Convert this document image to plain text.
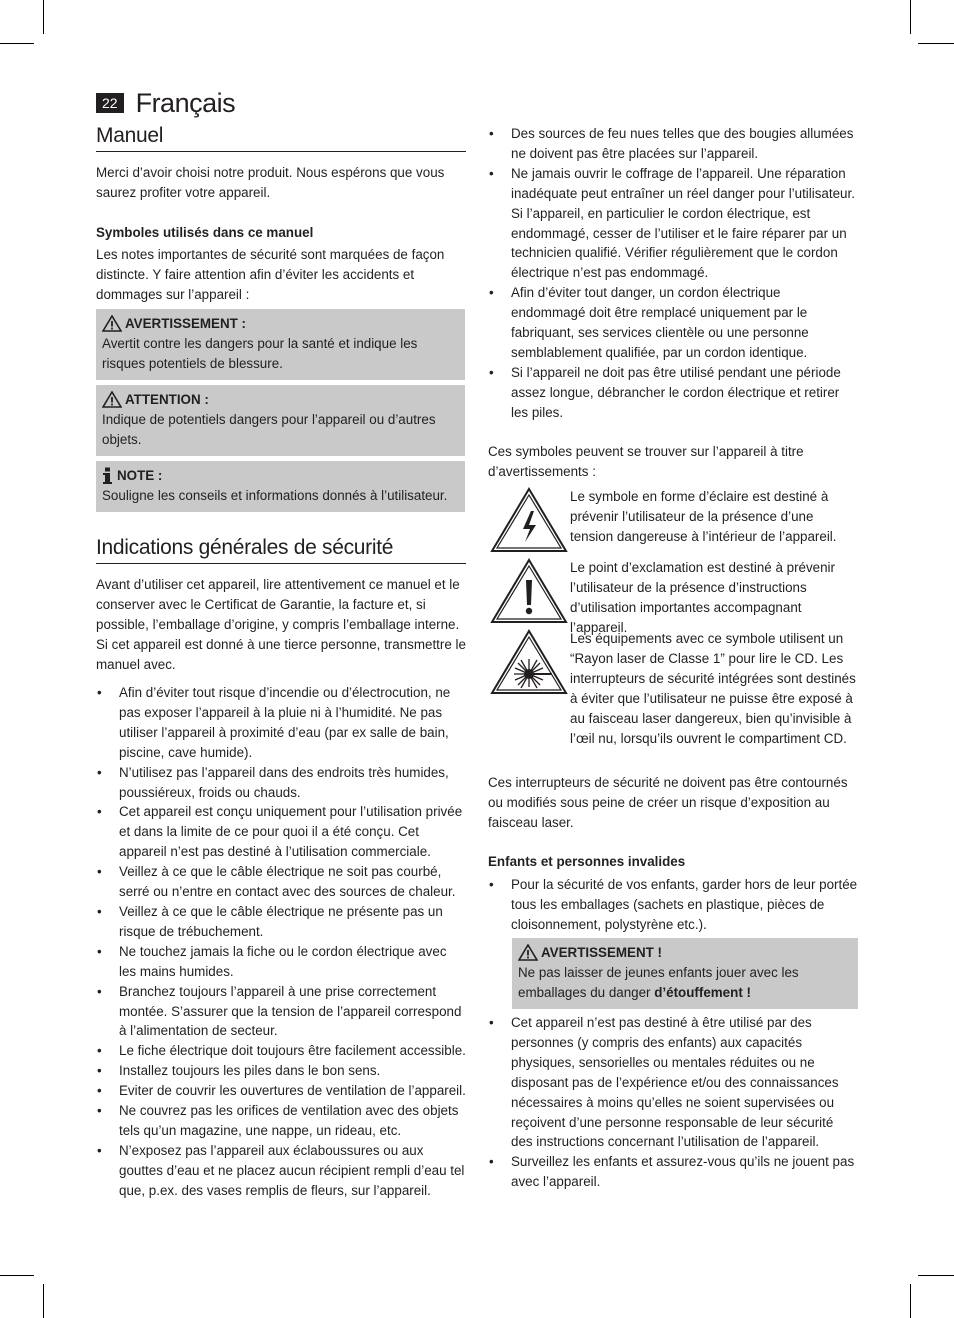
22 Français
Manuel

Merci d’avoir choisi notre produit. Nous espérons que vous saurez profiter votre appareil.

Symboles utilisés dans ce manuel

Les notes importantes de sécurité sont marquées de façon distincte. Y faire attention afin d’éviter les accidents et dommages sur l’appareil :

AVERTISSEMENT :
Avertit contre les dangers pour la santé et indique les risques potentiels de blessure.
ATTENTION :
Indique de potentiels dangers pour l’appareil ou d’autres objets.
NOTE :
Souligne les conseils et informations donnés à l’utilisateur.
Indications générales de sécurité

Avant d’utiliser cet appareil, lire attentivement ce manuel et le conserver avec le Certificat de Garantie, la facture et, si possible, l’emballage d’origine, y compris l’emballage interne. Si cet appareil est donné à une tierce personne, transmettre le manuel avec.

• Afin d’éviter tout risque d’incendie ou d’électrocution, ne pas exposer l’appareil à la pluie ni à l’humidité. Ne pas utiliser l’appareil à proximité d’eau (par ex salle de bain, piscine, cave humide).
• N’utilisez pas l’appareil dans des endroits très humides, poussiéreux, froids ou chauds.
• Cet appareil est conçu uniquement pour l’utilisation privée et dans la limite de ce pour quoi il a été conçu. Cet appareil n’est pas destiné à l’utilisation commerciale.
• Veillez à ce que le câble électrique ne soit pas courbé, serré ou n’entre en contact avec des sources de chaleur.
• Veillez à ce que le câble électrique ne présente pas un risque de trébuchement.
• Ne touchez jamais la fiche ou le cordon électrique avec les mains humides.
• Branchez toujours l’appareil à une prise correctement montée. S’assurer que la tension de l’appareil correspond à l’alimentation de secteur.
• Le fiche électrique doit toujours être facilement accessible.
• Installez toujours les piles dans le bon sens.
• Eviter de couvrir les ouvertures de ventilation de l’appareil.
• Ne couvrez pas les orifices de ventilation avec des objets tels qu’un magazine, une nappe, un rideau, etc.
• N’exposez pas l’appareil aux éclaboussures ou aux gouttes d’eau et ne placez aucun récipient rempli d’eau tel que, p.ex. des vases remplis de fleurs, sur l’appareil.
• Des sources de feu nues telles que des bougies allumées ne doivent pas être placées sur l’appareil.
• Ne jamais ouvrir le coffrage de l’appareil. Une réparation inadéquate peut entraîner un réel danger pour l’utilisateur. Si l’appareil, en particulier le cordon électrique, est endommagé, cesser de l’utiliser et le faire réparer par un technicien qualifié. Vérifier régulièrement que le cordon électrique n’est pas endommagé.
• Afin d’éviter tout danger, un cordon électrique endommagé doit être remplacé uniquement par le fabriquant, ses services clientèle ou une personne semblablement qualifiée, par un cordon identique.
• Si l’appareil ne doit pas être utilisé pendant une période assez longue, débrancher le cordon électrique et retirer les piles.

Ces symboles peuvent se trouver sur l’appareil à titre d’avertissements :

Le symbole en forme d’éclaire est destiné à prévenir l’utilisateur de la présence d’une tension dangereuse à l’intérieur de l’appareil.
Le point d’exclamation est destiné à prévenir l’utilisateur de la présence d’instructions d’utilisation importantes accompagnant l’appareil.
Les équipements avec ce symbole utilisent un “Rayon laser de Classe 1” pour lire le CD. Les interrupteurs de sécurité intégrées sont destinés à éviter que l’utilisateur ne puisse être exposé à au faisceau laser dangereux, bien qu’invisible à l’œil nu, lorsqu’ils ouvrent le compartiment CD.

Ces interrupteurs de sécurité ne doivent pas être contournés ou modifiés sous peine de créer un risque d’exposition au faisceau laser.

Enfants et personnes invalides

• Pour la sécurité de vos enfants, garder hors de leur portée tous les emballages (sachets en plastique, pièces de cloisonnement, polystyrène etc.).
AVERTISSEMENT !
Ne pas laisser de jeunes enfants jouer avec les emballages du danger d’étouffement !
• Cet appareil n’est pas destiné à être utilisé par des personnes (y compris des enfants) aux capacités physiques, sensorielles ou mentales réduites ou ne disposant pas de l’expérience et/ou des connaissances nécessaires à moins qu’elles ne soient supervisées ou reçoivent d’une personne responsable de leur sécurité des instructions concernant l’utilisation de l’appareil.
• Surveillez les enfants et assurez-vous qu’ils ne jouent pas avec l’appareil.
